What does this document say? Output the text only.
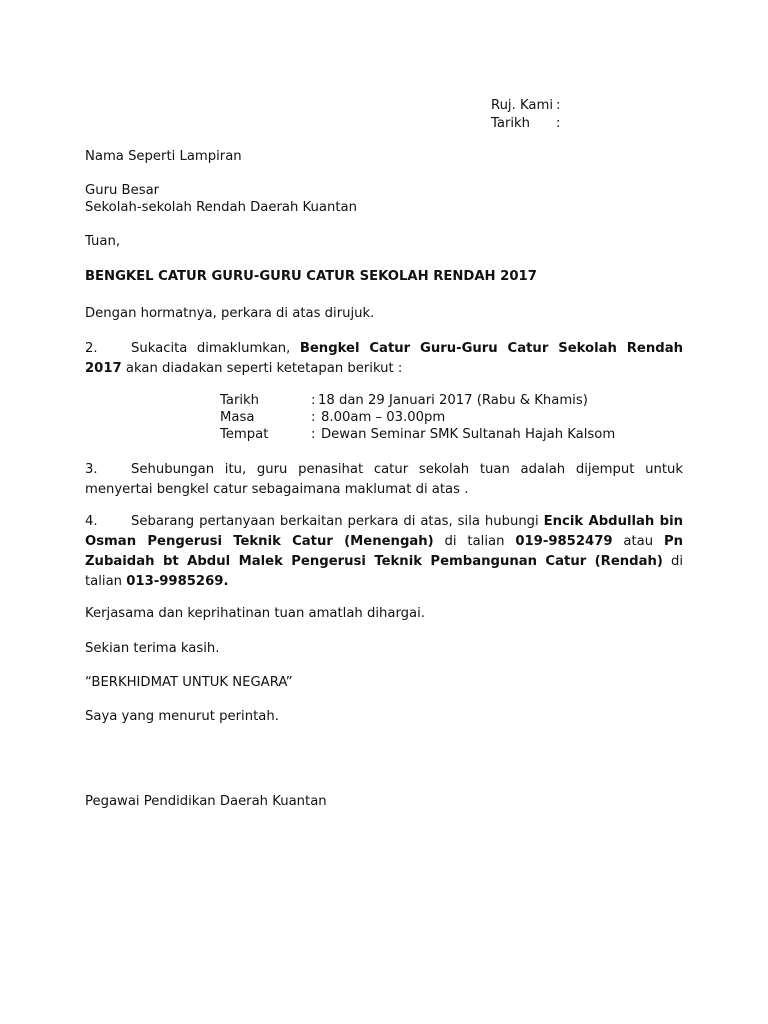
Ruj. Kami :
Tarikh :
Nama Seperti Lampiran
Guru Besar
Sekolah-sekolah Rendah Daerah Kuantan
Tuan,
BENGKEL CATUR GURU-GURU CATUR SEKOLAH RENDAH 2017
Dengan hormatnya, perkara di atas dirujuk.
2.	Sukacita dimaklumkan, Bengkel Catur Guru-Guru Catur Sekolah Rendah 2017 akan diadakan seperti ketetapan berikut :
Tarikh	: 18 dan 29 Januari 2017 (Rabu & Khamis)
Masa	: 8.00am – 03.00pm
Tempat	: Dewan Seminar SMK Sultanah Hajah Kalsom
3.	Sehubungan itu, guru penasihat catur sekolah tuan adalah dijemput untuk menyertai bengkel catur sebagaimana maklumat di atas .
4.	Sebarang pertanyaan berkaitan perkara di atas, sila hubungi Encik Abdullah bin Osman Pengerusi Teknik Catur (Menengah) di talian 019-9852479 atau Pn Zubaidah bt Abdul Malek Pengerusi Teknik Pembangunan Catur (Rendah) di talian 013-9985269.
Kerjasama dan keprihatinan tuan amatlah dihargai.
Sekian terima kasih.
“BERKHIDMAT UNTUK NEGARA”
Saya yang menurut perintah.
Pegawai Pendidikan Daerah Kuantan
